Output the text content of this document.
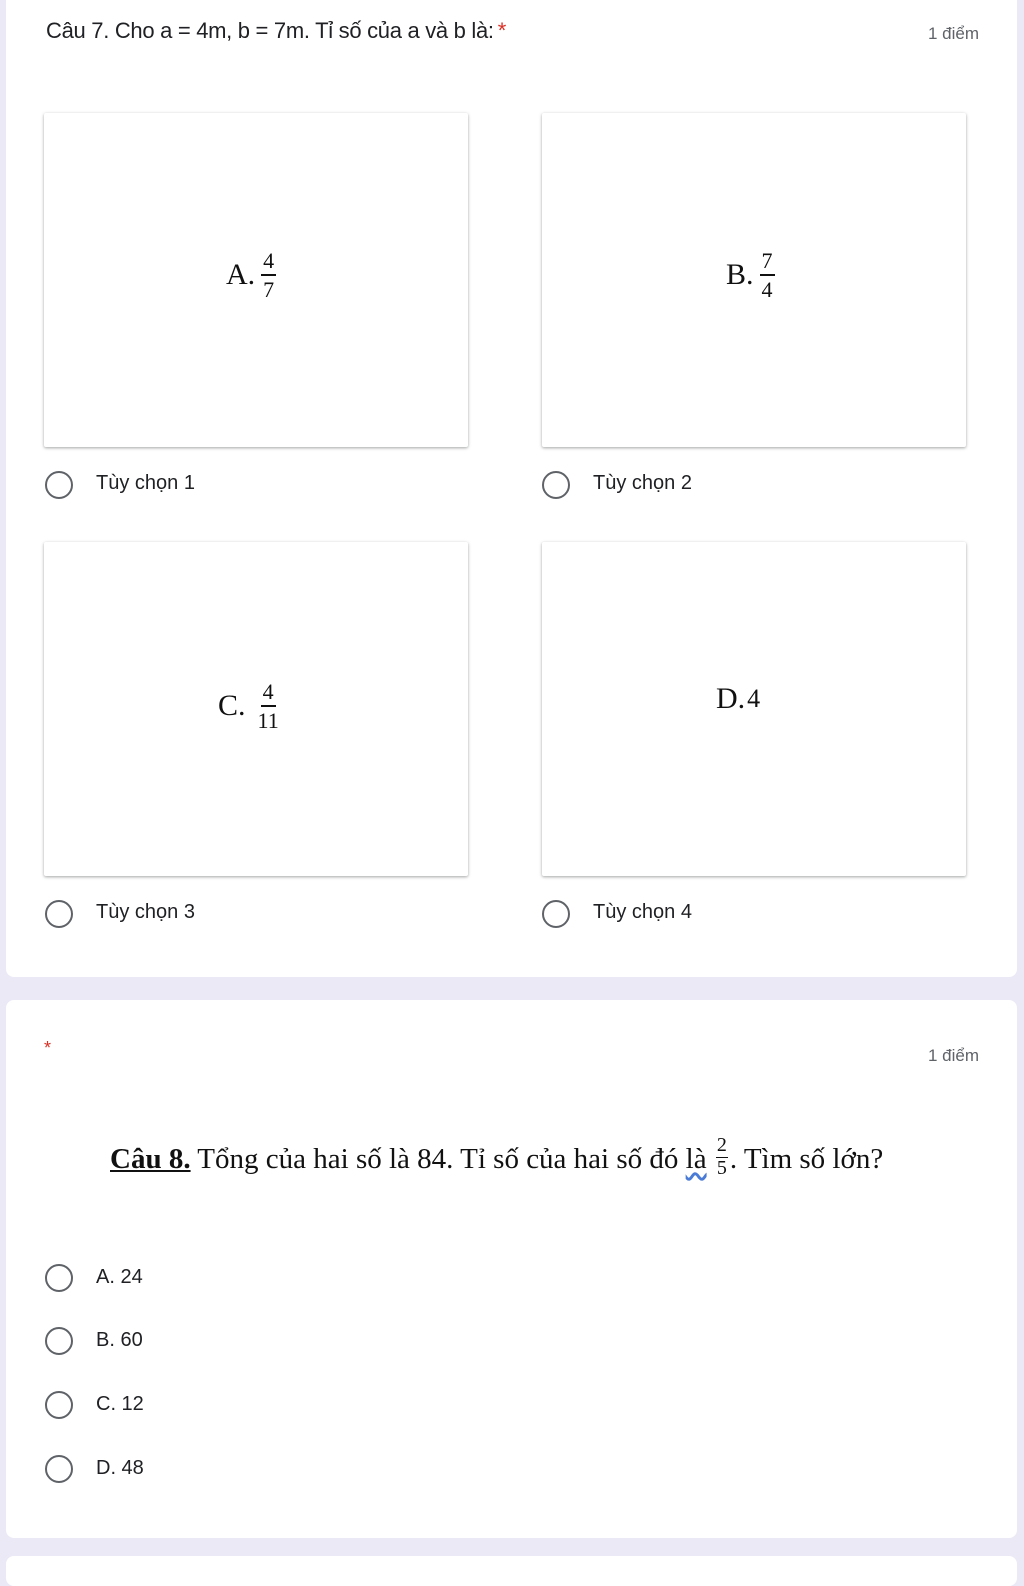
Câu 7. Cho a = 4m, b = 7m. Tỉ số của a và b là: *	1 điểm
A. $\frac{4}{7}$
Tùy chọn 1
B. $\frac{7}{4}$
Tùy chọn 2
C. $\frac{4}{11}$
Tùy chọn 3
D. 4
Tùy chọn 4
*	1 điểm
Câu 8. Tổng của hai số là 84. Tỉ số của hai số đó là $\frac{2}{5}$ . Tìm số lớn?
A. 24
B. 60
C. 12
D. 48
